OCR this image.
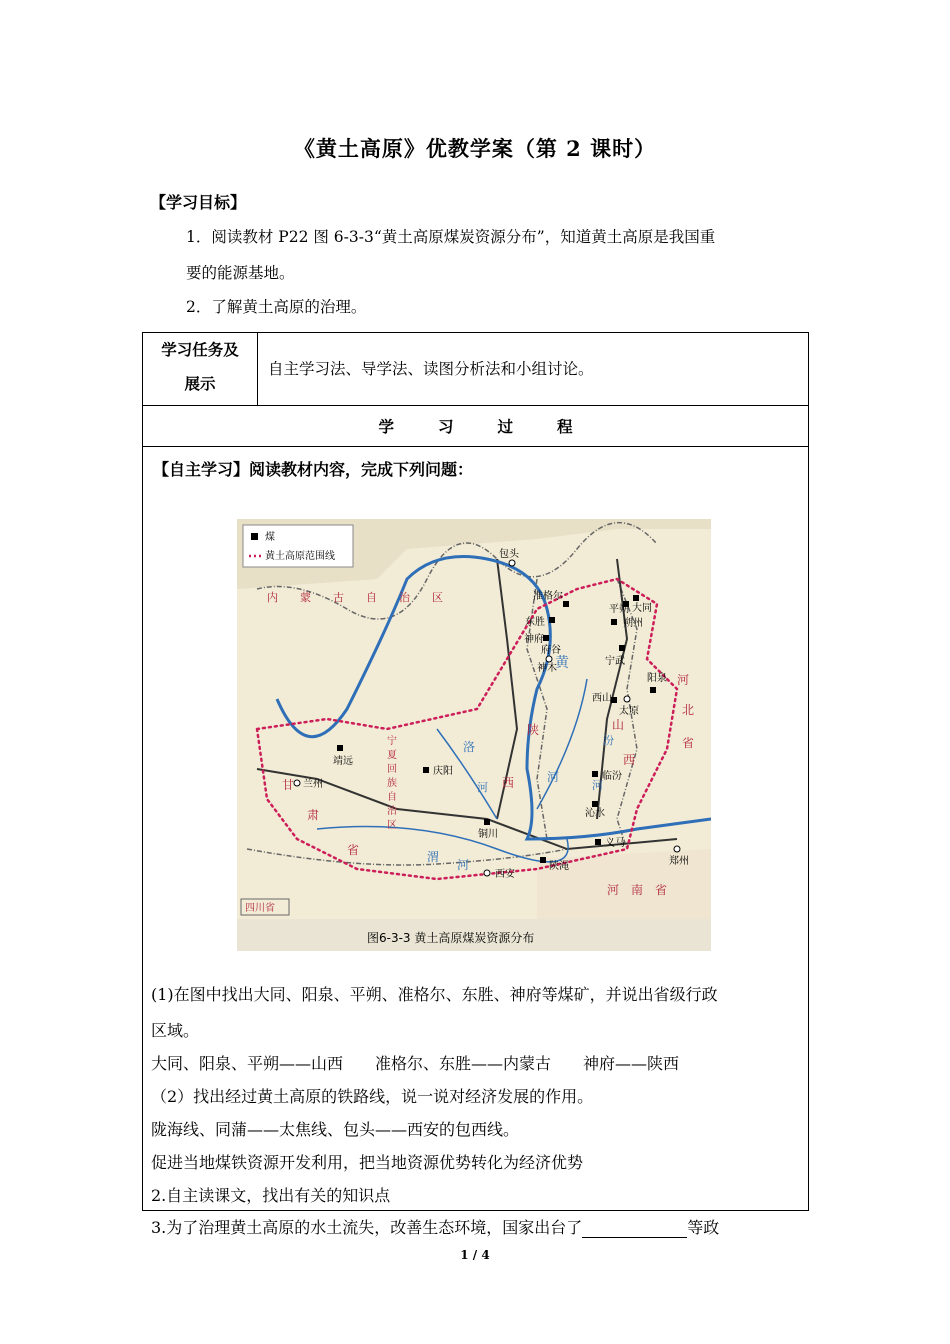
《黄土高原》优教学案（第 2 课时）
【学习目标】
1．阅读教材 P22 图 6-3-3“黄土高原煤炭资源分布”，知道黄土高原是我国重
要的能源基地。
2．了解黄土高原的治理。
学习任务及
展示
	自主学习法、导学法、读图分析法和小组讨论。
学	习	过	程

【自主学习】阅读教材内容，完成下列问题：
煤
黄土高原范围线
内蒙古自治区
陕	山
河
北
省
河南省
甘
肃
省
宁
夏
回
族
自
治
区
西
西
四川省
黄
河
洛
河
汾
河
渭
河
包头
准格尔
东胜
神府
府谷
神木
平朔
朔州
大同
宁武
阳泉
西山
太原
临汾
沁水
义马
郑州
西安
陕渑
铜川
庆阳
靖远
兰州
图6-3-3 黄土高原煤炭资源分布
(1)在图中找出大同、阳泉、平朔、准格尔、东胜、神府等煤矿，并说出省级行政
区域。
大同、阳泉、平朔——山西　　准格尔、东胜——内蒙古　　神府——陕西
（2）找出经过黄土高原的铁路线，说一说对经济发展的作用。
陇海线、同蒲——太焦线、包头——西安的包西线。
促进当地煤铁资源开发利用，把当地资源优势转化为经济优势
2.自主读课文，找出有关的知识点
3.为了治理黄土高原的水土流失，改善生态环境，国家出台了	等政
1 / 4
